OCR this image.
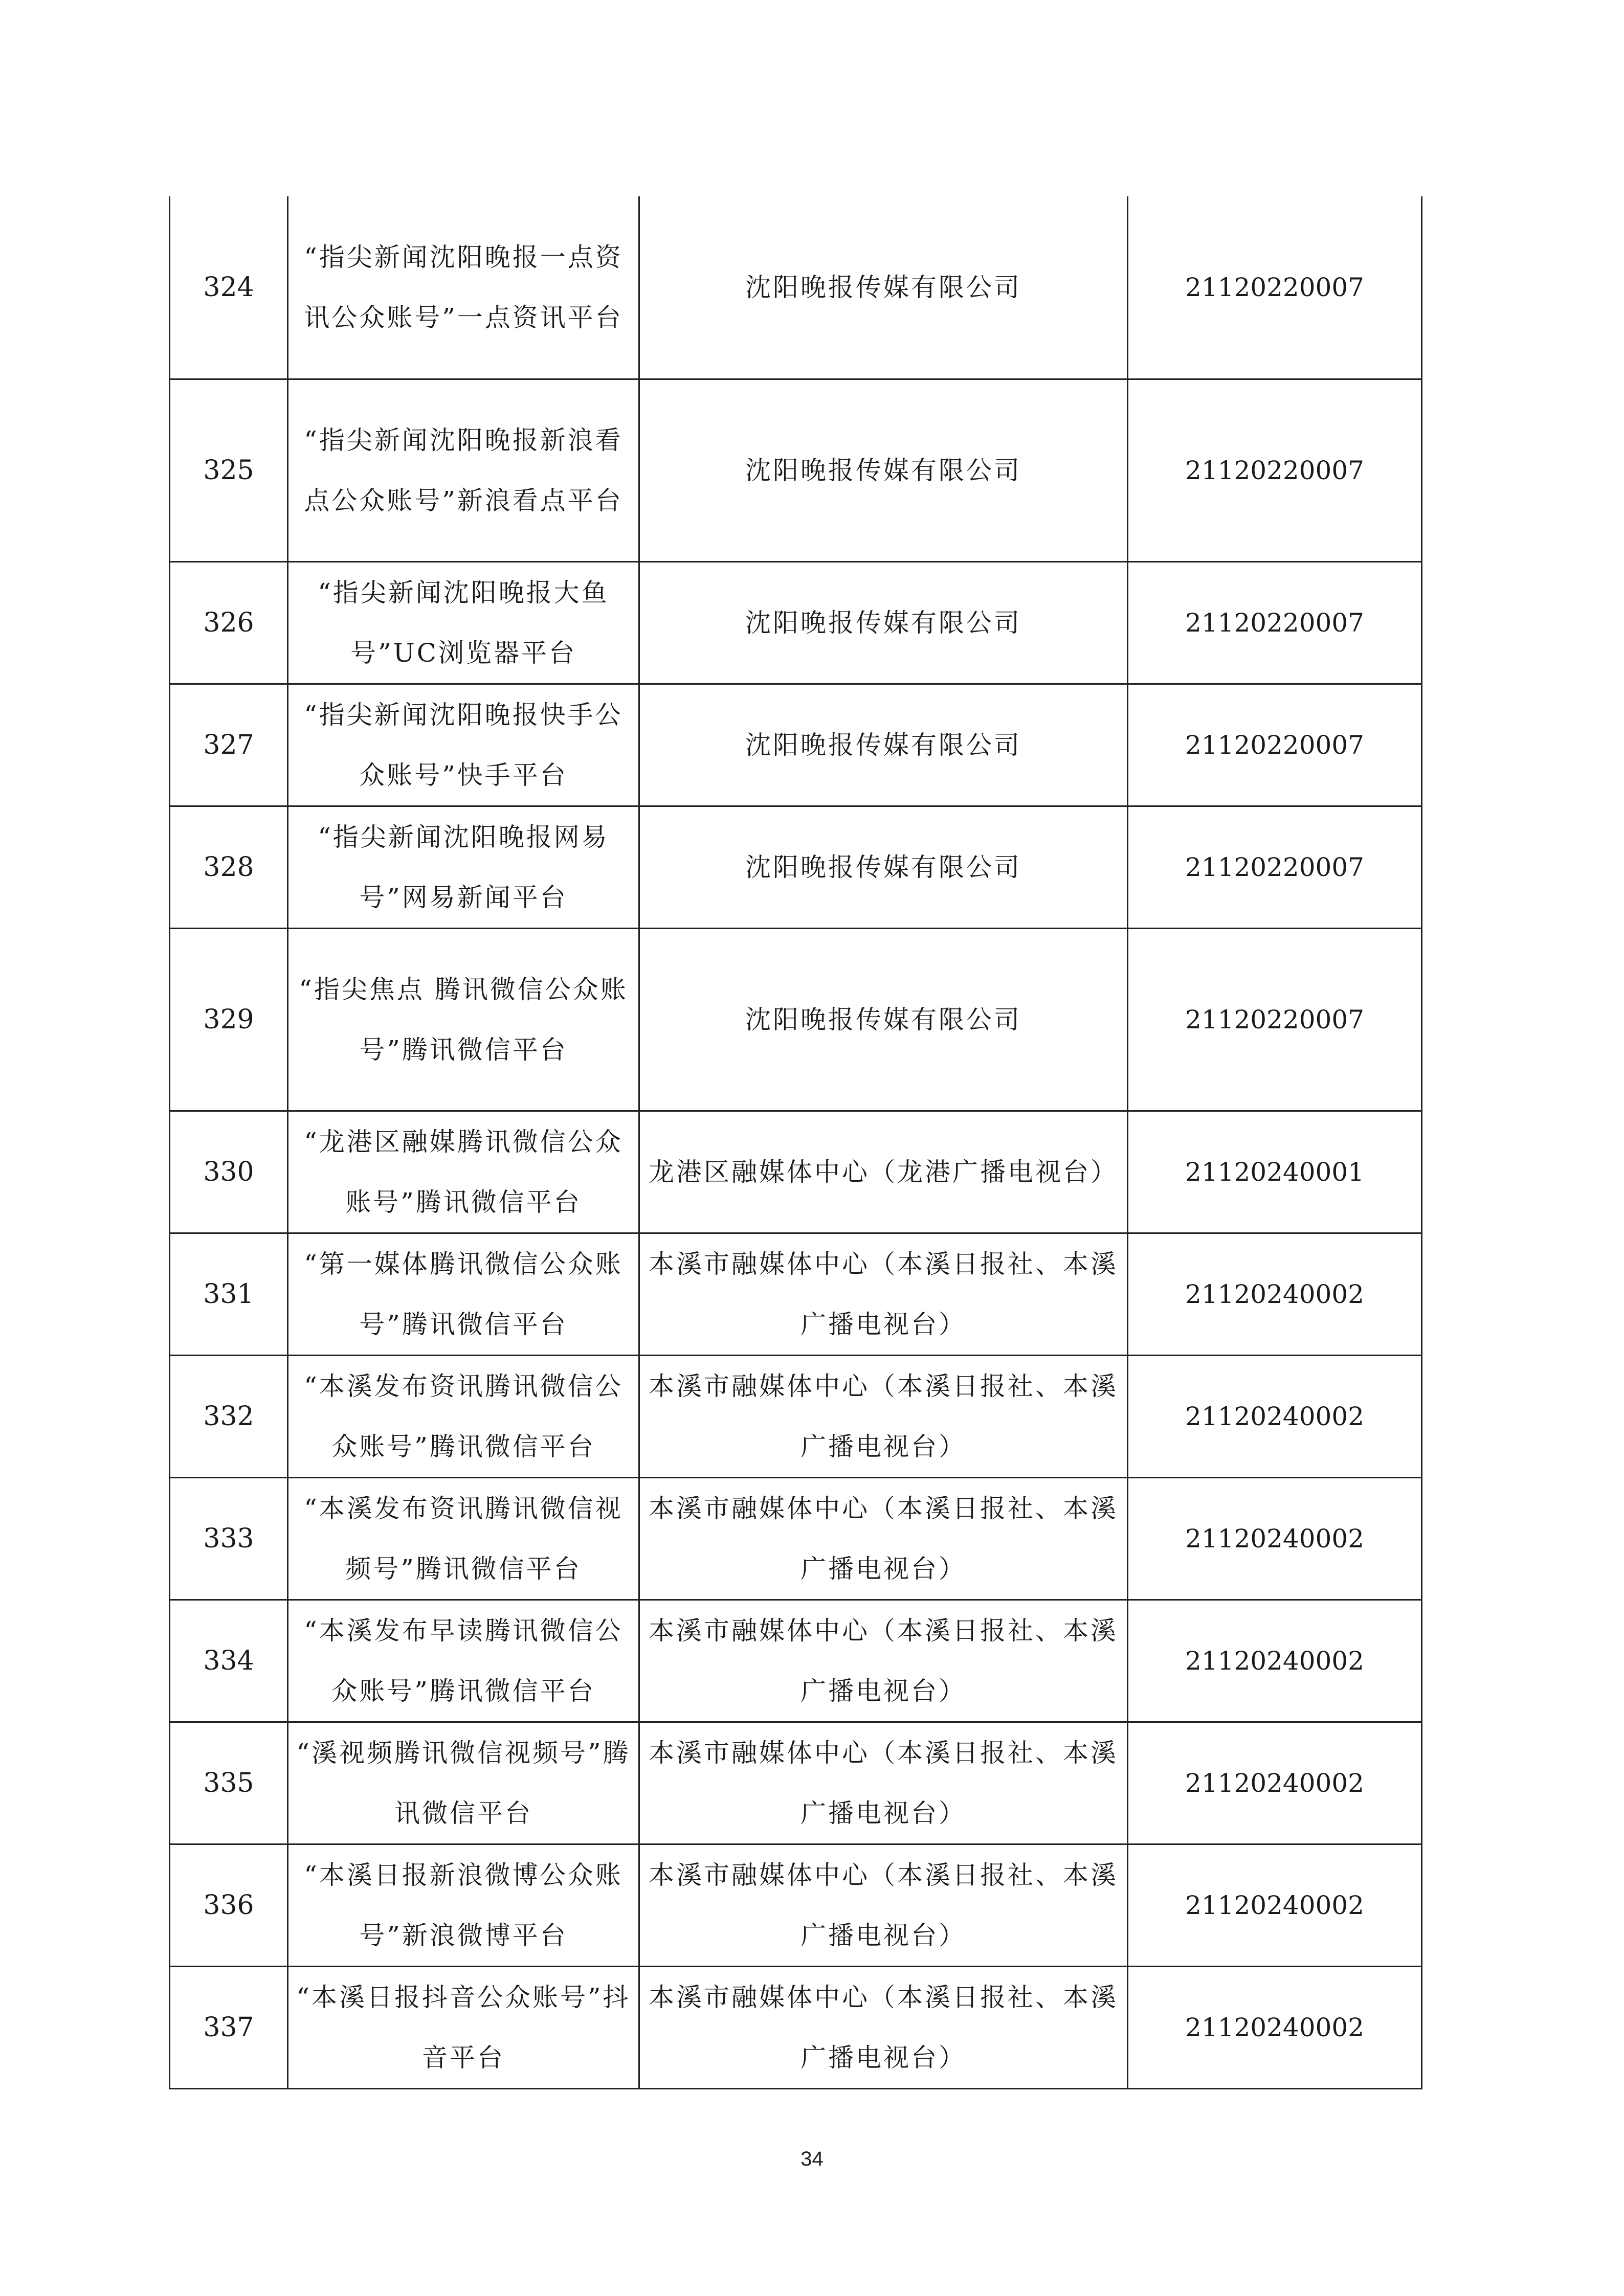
324	“指尖新闻沈阳晚报一点资讯公众账号”一点资讯平台	沈阳晚报传媒有限公司	21120220007
325	“指尖新闻沈阳晚报新浪看点公众账号”新浪看点平台	沈阳晚报传媒有限公司	21120220007
326	“指尖新闻沈阳晚报大鱼号”UC浏览器平台	沈阳晚报传媒有限公司	21120220007
327	“指尖新闻沈阳晚报快手公众账号”快手平台	沈阳晚报传媒有限公司	21120220007
328	“指尖新闻沈阳晚报网易号”网易新闻平台	沈阳晚报传媒有限公司	21120220007
329	“指尖焦点 腾讯微信公众账号”腾讯微信平台	沈阳晚报传媒有限公司	21120220007
330	“龙港区融媒腾讯微信公众账号”腾讯微信平台	龙港区融媒体中心（龙港广播电视台）	21120240001
331	“第一媒体腾讯微信公众账号”腾讯微信平台	本溪市融媒体中心（本溪日报社、本溪广播电视台）	21120240002
332	“本溪发布资讯腾讯微信公众账号”腾讯微信平台	本溪市融媒体中心（本溪日报社、本溪广播电视台）	21120240002
333	“本溪发布资讯腾讯微信视频号”腾讯微信平台	本溪市融媒体中心（本溪日报社、本溪广播电视台）	21120240002
334	“本溪发布早读腾讯微信公众账号”腾讯微信平台	本溪市融媒体中心（本溪日报社、本溪广播电视台）	21120240002
335	“溪视频腾讯微信视频号”腾讯微信平台	本溪市融媒体中心（本溪日报社、本溪广播电视台）	21120240002
336	“本溪日报新浪微博公众账号”新浪微博平台	本溪市融媒体中心（本溪日报社、本溪广播电视台）	21120240002
337	“本溪日报抖音公众账号”抖音平台	本溪市融媒体中心（本溪日报社、本溪广播电视台）	21120240002
34
